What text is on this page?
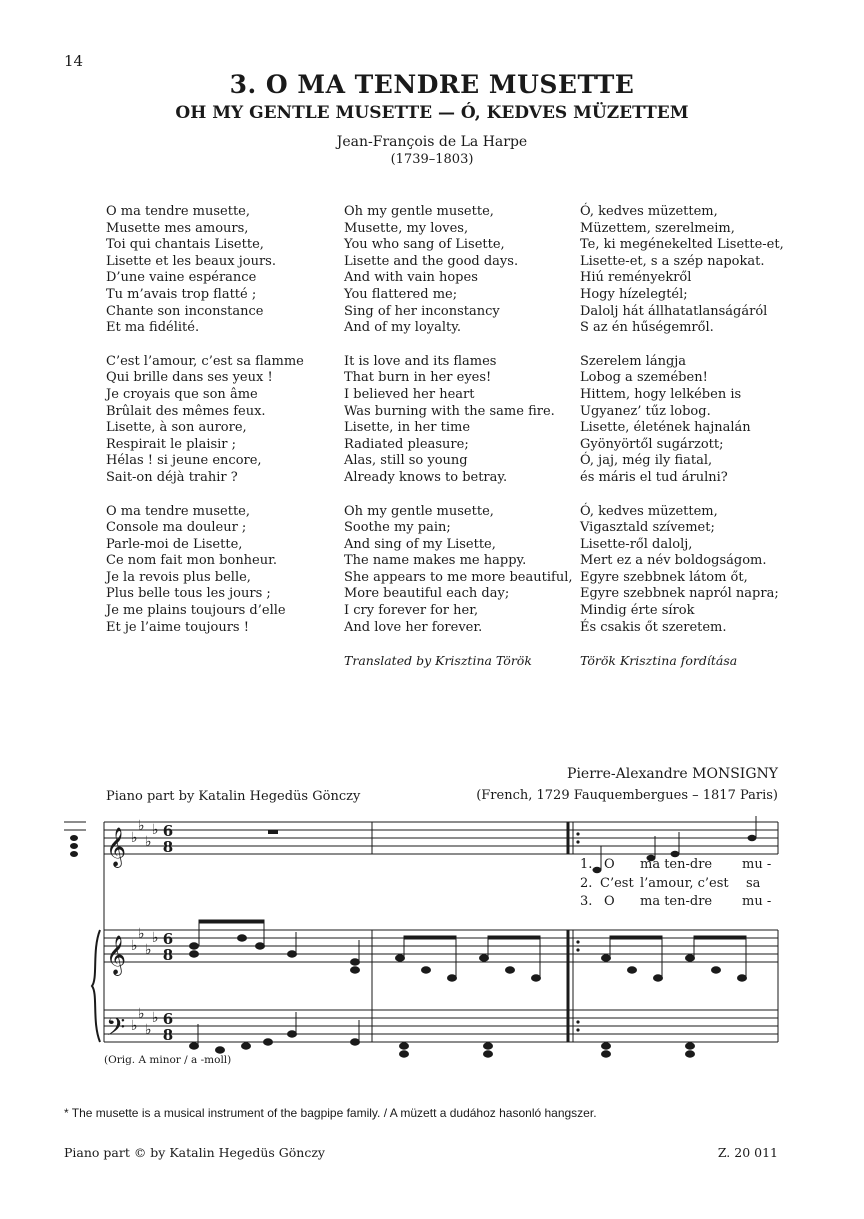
14
3. O MA TENDRE MUSETTE
OH MY GENTLE MUSETTE — Ó, KEDVES MÜZETTEM
Jean-François de La Harpe
(1739–1803)
O ma tendre musette,
Musette mes amours,
Toi qui chantais Lisette,
Lisette et les beaux jours.
D’une vaine espérance
Tu m’avais trop flatté ;
Chante son inconstance
Et ma fidélité.
C’est l’amour, c’est sa flamme
Qui brille dans ses yeux !
Je croyais que son âme
Brûlait des mêmes feux.
Lisette, à son aurore,
Respirait le plaisir ;
Hélas ! si jeune encore,
Sait-on déjà trahir ?
O ma tendre musette,
Console ma douleur ;
Parle-moi de Lisette,
Ce nom fait mon bonheur.
Je la revois plus belle,
Plus belle tous les jours ;
Je me plains toujours d’elle
Et je l’aime toujours !
Oh my gentle musette,
Musette, my loves,
You who sang of Lisette,
Lisette and the good days.
And with vain hopes
You flattered me;
Sing of her inconstancy
And of my loyalty.
It is love and its flames
That burn in her eyes!
I believed her heart
Was burning with the same fire.
Lisette, in her time
Radiated pleasure;
Alas, still so young
Already knows to betray.
Oh my gentle musette,
Soothe my pain;
And sing of my Lisette,
The name makes me happy.
She appears to me more beautiful,
More beautiful each day;
I cry forever for her,
And love her forever.
Ó, kedves müzettem,
Müzettem, szerelmeim,
Te, ki megénekelted Lisette-et,
Lisette-et, s a szép napokat.
Hiú reményekről
Hogy hízelegtél;
Dalolj hát állhatatlanságáról
S az én hűségemről.
Szerelem lángja
Lobog a szemében!
Hittem, hogy lelkében is
Ugyanez’ tűz lobog.
Lisette, életének hajnalán
Gyönyörtől sugárzott;
Ó, jaj, még ily fiatal,
és máris el tud árulni?
Ó, kedves müzettem,
Vigasztald szívemet;
Lisette-ről dalolj,
Mert ez a név boldogságom.
Egyre szebbnek látom őt,
Egyre szebbnek napról napra;
Mindig érte sírok
És csakis őt szeretem.
Translated by Krisztina Török	Török Krisztina fordítása
Pierre-Alexandre MONSIGNY
(French, 1729 Fauquembergues – 1817 Paris)
Piano part by Katalin Hegedüs Gönczy
𝄞
𝄞
𝄢
♭
♭
♭
♭
♭
♭
♭
♭
♭
♭
♭
♭
6
8
6
8
6
8
1. O ma ten-dre mu -
2. C’est l’amour, c’est sa
3. O ma ten-dre mu -
(Orig. A minor / a -moll)
* The musette is a musical instrument of the bagpipe family. / A müzett a dudához hasonló hangszer.
Piano part © by Katalin Hegedüs Gönczy	Z. 20 011
